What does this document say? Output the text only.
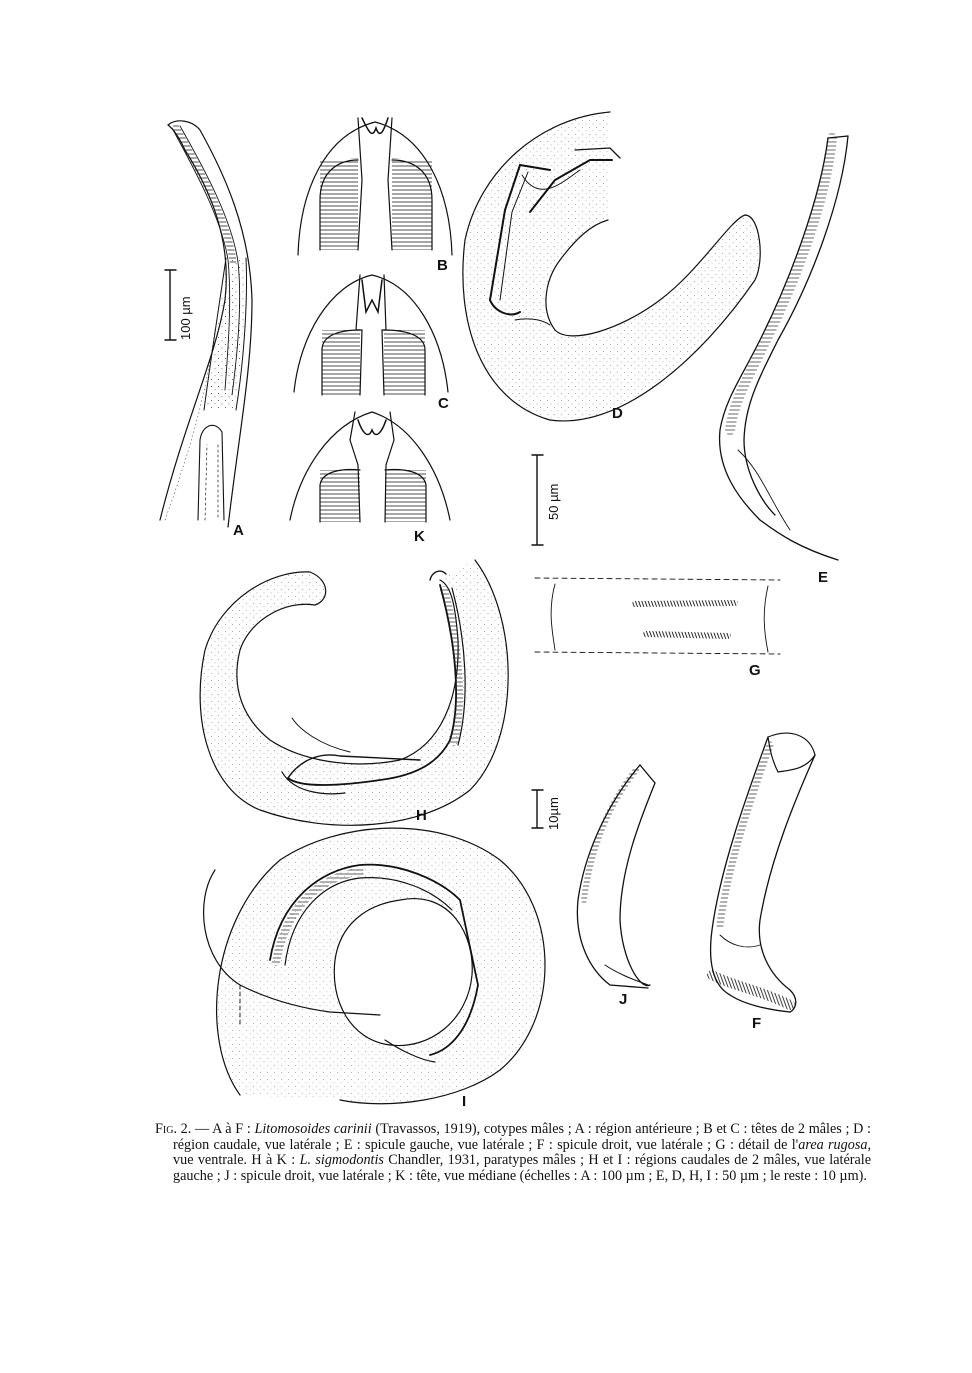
A
B
C
D
E
F
G
H
I
J
K
100 µm
50 µm
10µm

Fig. 2. — A à F : Litomosoides carinii (Travassos, 1919), cotypes mâles ; A : région antérieure ; B et C : têtes de 2 mâles ; D : région caudale, vue latérale ; E : spicule gauche, vue latérale ; F : spicule droit, vue latérale ; G : détail de l'area rugosa, vue ventrale. H à K : L. sigmodontis Chandler, 1931, paratypes mâles ; H et I : régions caudales de 2 mâles, vue latérale gauche ; J : spicule droit, vue latérale ; K : tête, vue médiane (échelles : A : 100 µm ; E, D, H, I : 50 µm ; le reste : 10 µm).
